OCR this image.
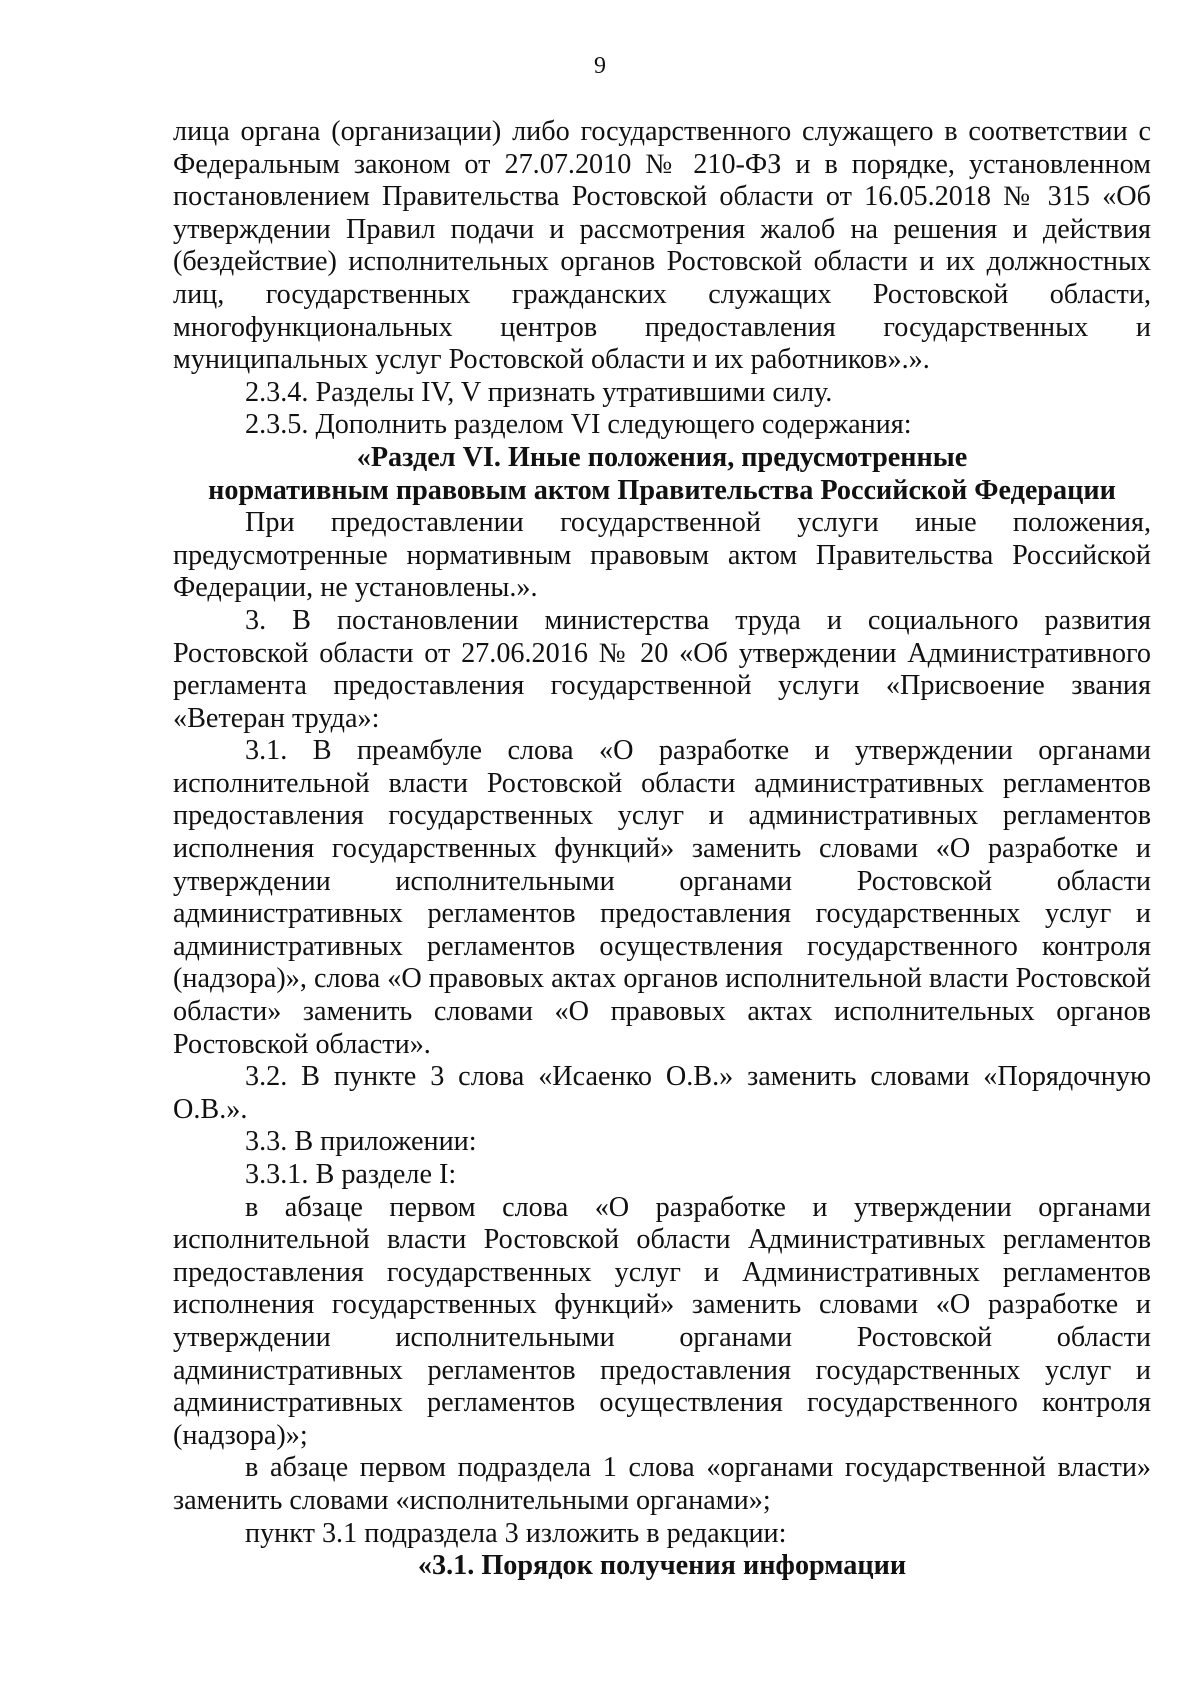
9

лица органа (организации) либо государственного служащего в соответствии с Федеральным законом от 27.07.2010 № 210-ФЗ и в порядке, установленном постановлением Правительства Ростовской области от 16.05.2018 № 315 «Об утверждении Правил подачи и рассмотрения жалоб на решения и действия (бездействие) исполнительных органов Ростовской области и их должностных лиц, государственных гражданских служащих Ростовской области, многофункциональных центров предоставления государственных и муниципальных услуг Ростовской области и их работников».».

2.3.4. Разделы IV, V признать утратившими силу.

2.3.5. Дополнить разделом VI следующего содержания:

«Раздел VI. Иные положения, предусмотренные

нормативным правовым актом Правительства Российской Федерации

При предоставлении государственной услуги иные положения, предусмотренные нормативным правовым актом Правительства Российской Федерации, не установлены.».

3. В постановлении министерства труда и социального развития Ростовской области от 27.06.2016 № 20 «Об утверждении Административного регламента предоставления государственной услуги «Присвоение звания «Ветеран труда»:

3.1. В преамбуле слова «О разработке и утверждении органами исполнительной власти Ростовской области административных регламентов предоставления государственных услуг и административных регламентов исполнения государственных функций» заменить словами «О разработке и утверждении исполнительными органами Ростовской области административных регламентов предоставления государственных услуг и административных регламентов осуществления государственного контроля (надзора)», слова «О правовых актах органов исполнительной власти Ростовской области» заменить словами «О правовых актах исполнительных органов Ростовской области».

3.2. В пункте 3 слова «Исаенко О.В.» заменить словами «Порядочную О.В.».

3.3. В приложении:

3.3.1. В разделе I:

в абзаце первом слова «О разработке и утверждении органами исполнительной власти Ростовской области Административных регламентов предоставления государственных услуг и Административных регламентов исполнения государственных функций» заменить словами «О разработке и утверждении исполнительными органами Ростовской области административных регламентов предоставления государственных услуг и административных регламентов осуществления государственного контроля (надзора)»;

в абзаце первом подраздела 1 слова «органами государственной власти» заменить словами «исполнительными органами»;

пункт 3.1 подраздела 3 изложить в редакции:

«3.1. Порядок получения информации
